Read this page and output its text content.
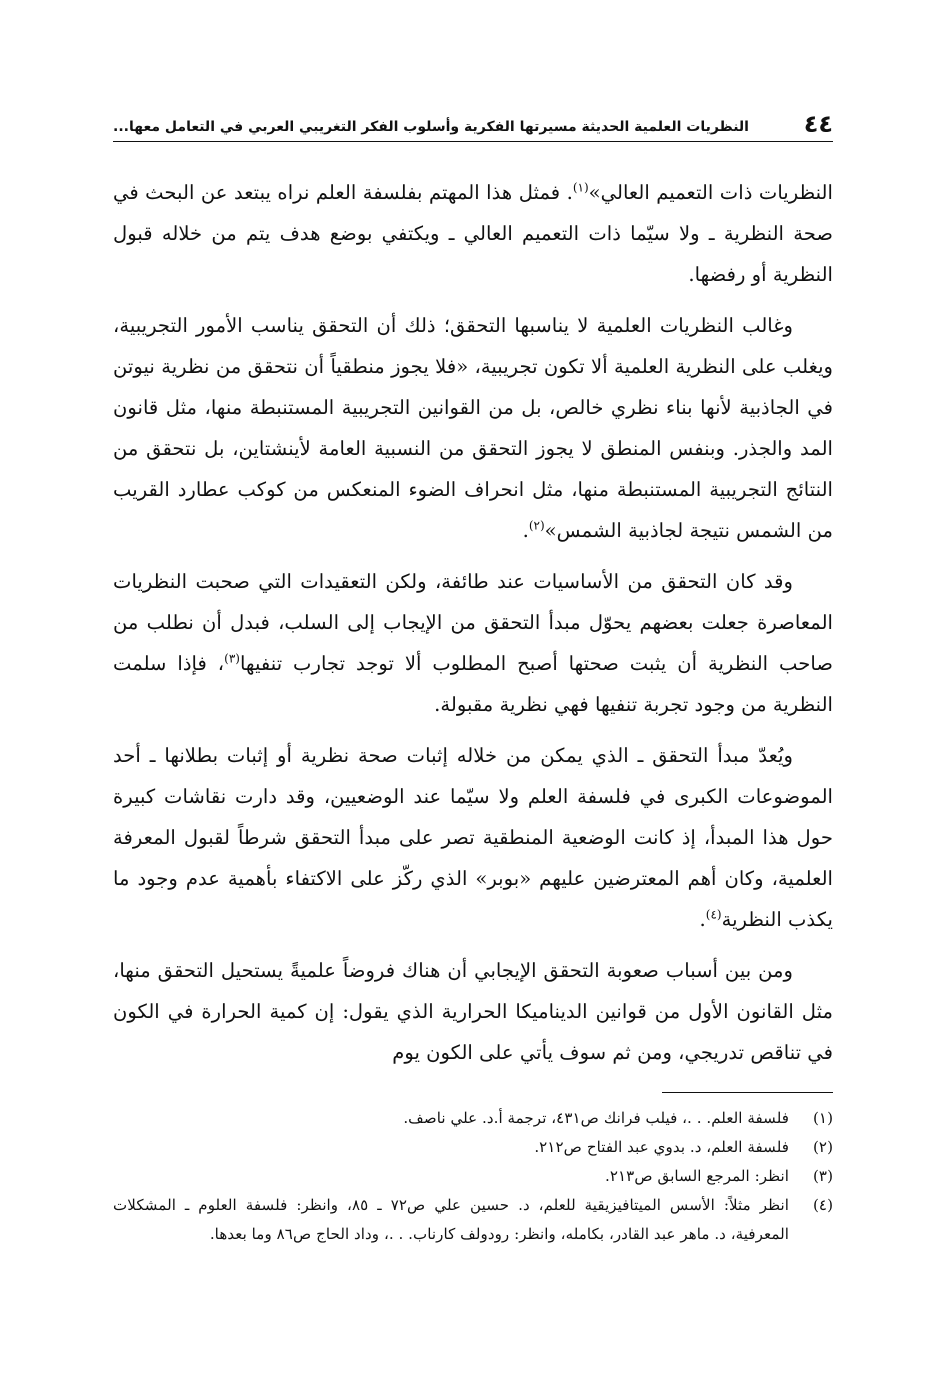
٤٤
النظريات العلمية الحديثة مسيرتها الفكرية وأسلوب الفكر التغريبي العربي في التعامل معها...

النظريات ذات التعميم العالي»$^{(١)}$. فمثل هذا المهتم بفلسفة العلم نراه يبتعد عن البحث في صحة النظرية ـ ولا سيّما ذات التعميم العالي ـ ويكتفي بوضع هدف يتم من خلاله قبول النظرية أو رفضها.

وغالب النظريات العلمية لا يناسبها التحقق؛ ذلك أن التحقق يناسب الأمور التجريبية، ويغلب على النظرية العلمية ألا تكون تجريبية، «فلا يجوز منطقياً أن نتحقق من نظرية نيوتن في الجاذبية لأنها بناء نظري خالص، بل من القوانين التجريبية المستنبطة منها، مثل قانون المد والجذر. وبنفس المنطق لا يجوز التحقق من النسبية العامة لأينشتاين، بل نتحقق من النتائج التجريبية المستنبطة منها، مثل انحراف الضوء المنعكس من كوكب عطارد القريب من الشمس نتيجة لجاذبية الشمس»$^{(٢)}$.

وقد كان التحقق من الأساسيات عند طائفة، ولكن التعقيدات التي صحبت النظريات المعاصرة جعلت بعضهم يحوّل مبدأ التحقق من الإيجاب إلى السلب، فبدل أن نطلب من صاحب النظرية أن يثبت صحتها أصبح المطلوب ألا توجد تجارب تنفيها$^{(٣)}$، فإذا سلمت النظرية من وجود تجربة تنفيها فهي نظرية مقبولة.

ويُعدّ مبدأ التحقق ـ الذي يمكن من خلاله إثبات صحة نظرية أو إثبات بطلانها ـ أحد الموضوعات الكبرى في فلسفة العلم ولا سيّما عند الوضعيين، وقد دارت نقاشات كبيرة حول هذا المبدأ، إذ كانت الوضعية المنطقية تصر على مبدأ التحقق شرطاً لقبول المعرفة العلمية، وكان أهم المعترضين عليهم «بوبر» الذي ركّز على الاكتفاء بأهمية عدم وجود ما يكذب النظرية$^{(٤)}$.

ومن بين أسباب صعوبة التحقق الإيجابي أن هناك فروضاً علميةً يستحيل التحقق منها، مثل القانون الأول من قوانين الديناميكا الحرارية الذي يقول: إن كمية الحرارة في الكون في تناقص تدريجي، ومن ثم سوف يأتي على الكون يوم

(١)
فلسفة العلم. . .، فيلب فرانك ص٤٣١، ترجمة أ.د. علي ناصف.
(٢)
فلسفة العلم، د. بدوي عبد الفتاح ص٢١٢.
(٣)
انظر: المرجع السابق ص٢١٣.
(٤)
انظر مثلاً: الأسس الميتافيزيقية للعلم، د. حسين علي ص٧٢ ـ ٨٥، وانظر: فلسفة العلوم ـ المشكلات المعرفية، د. ماهر عبد القادر، بكامله، وانظر: رودولف كارناب. . .، وداد الحاج ص٨٦ وما بعدها.
